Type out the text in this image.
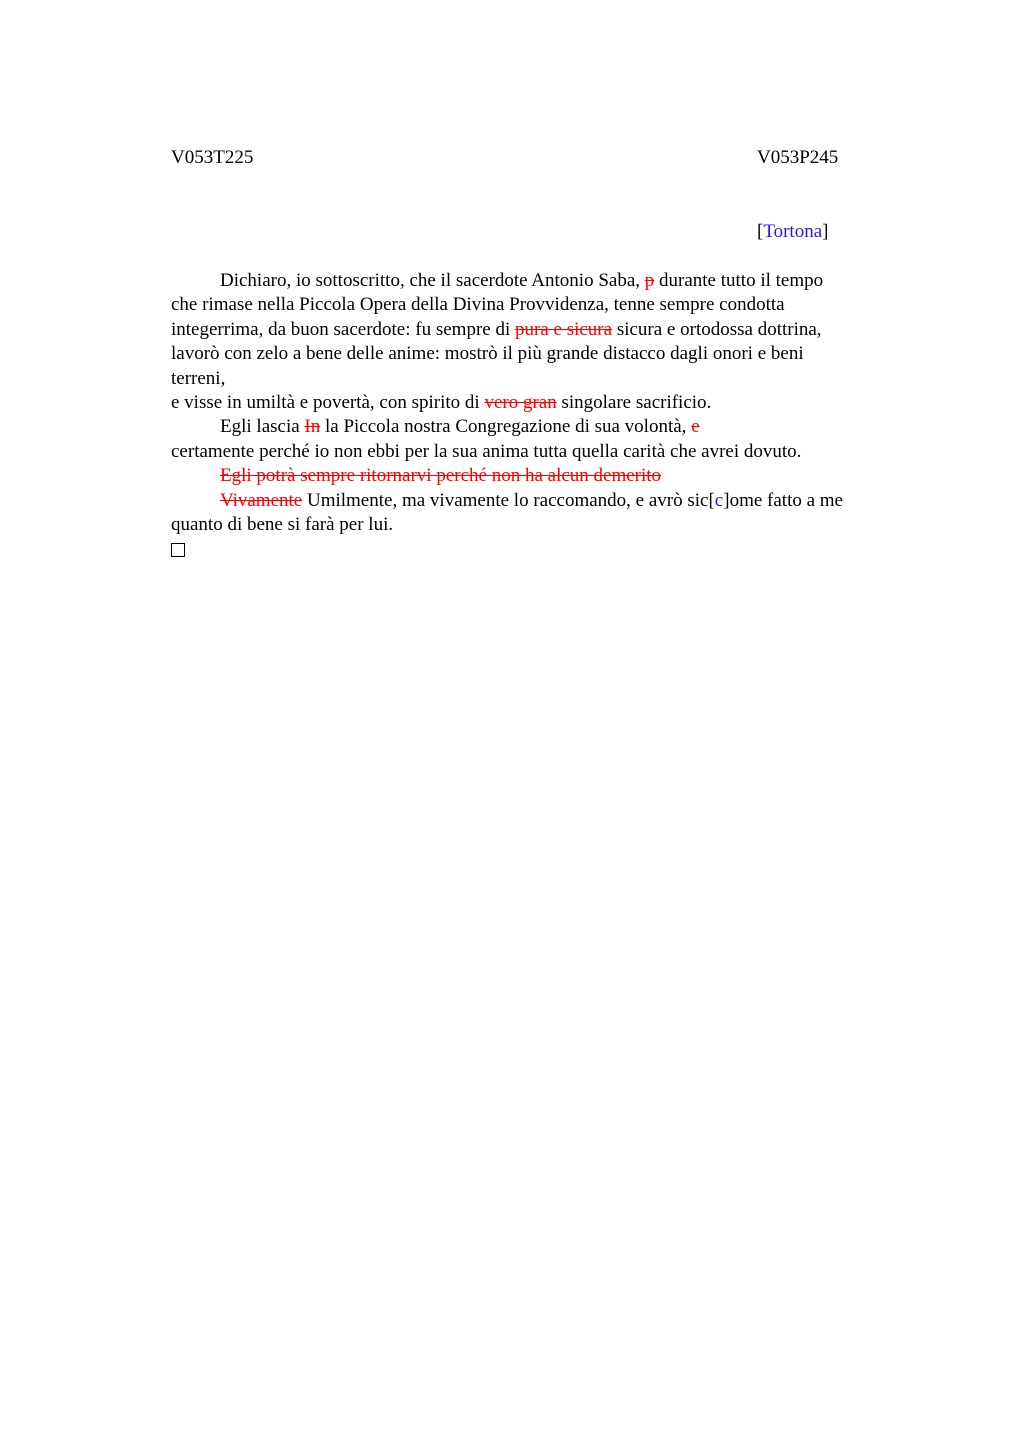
V053T225	V053P245
[Tortona]
Dichiaro, io sottoscritto, che il sacerdote Antonio Saba, p durante tutto il tempo
che rimase nella Piccola Opera della Divina Provvidenza, tenne sempre condotta
integerrima, da buon sacerdote: fu sempre di pura e sicura sicura e ortodossa dottrina,
lavorò con zelo a bene delle anime: mostrò il più grande distacco dagli onori e beni
terreni,
e visse in umiltà e povertà, con spirito di vero gran singolare sacrificio.
Egli lascia In la Piccola nostra Congregazione di sua volontà, e
certamente perché io non ebbi per la sua anima tutta quella carità che avrei dovuto.
Egli potrà sempre ritornarvi perché non ha alcun demerito
Vivamente Umilmente, ma vivamente lo raccomando, e avrò sic[c]ome fatto a me
quanto di bene si farà per lui.
